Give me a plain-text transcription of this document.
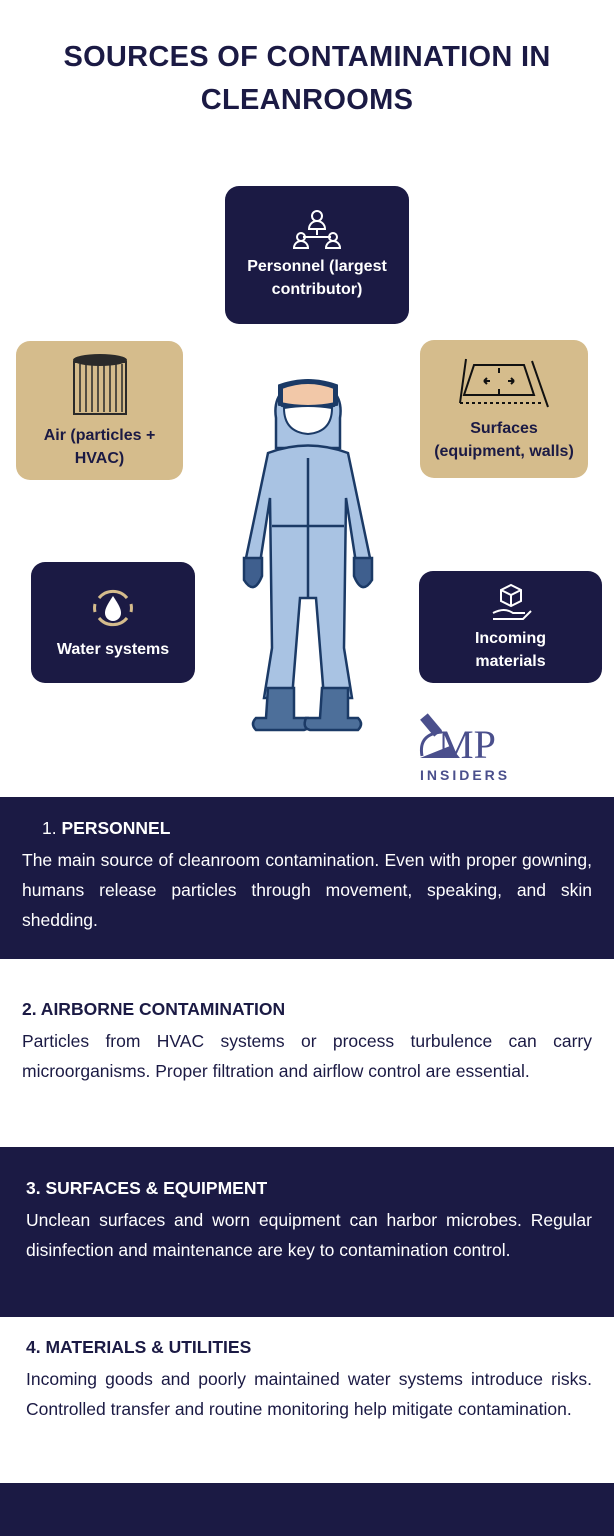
SOURCES OF CONTAMINATION IN CLEANROOMS
Personnel (largest contributor)
Air (particles + HVAC)
Surfaces (equipment, walls)
Water systems
Incoming materials
MP
INSIDERS
1. PERSONNEL

The main source of cleanroom contamination. Even with proper gowning, humans release particles through movement, speaking, and skin shedding.

2. AIRBORNE CONTAMINATION

Particles from HVAC systems or process turbulence can carry microorganisms. Proper filtration and airflow control are essential.

3. SURFACES & EQUIPMENT

Unclean surfaces and worn equipment can harbor microbes. Regular disinfection and maintenance are key to contamination control.

4. MATERIALS & UTILITIES

Incoming goods and poorly maintained water systems introduce risks. Controlled transfer and routine monitoring help mitigate contamination.
